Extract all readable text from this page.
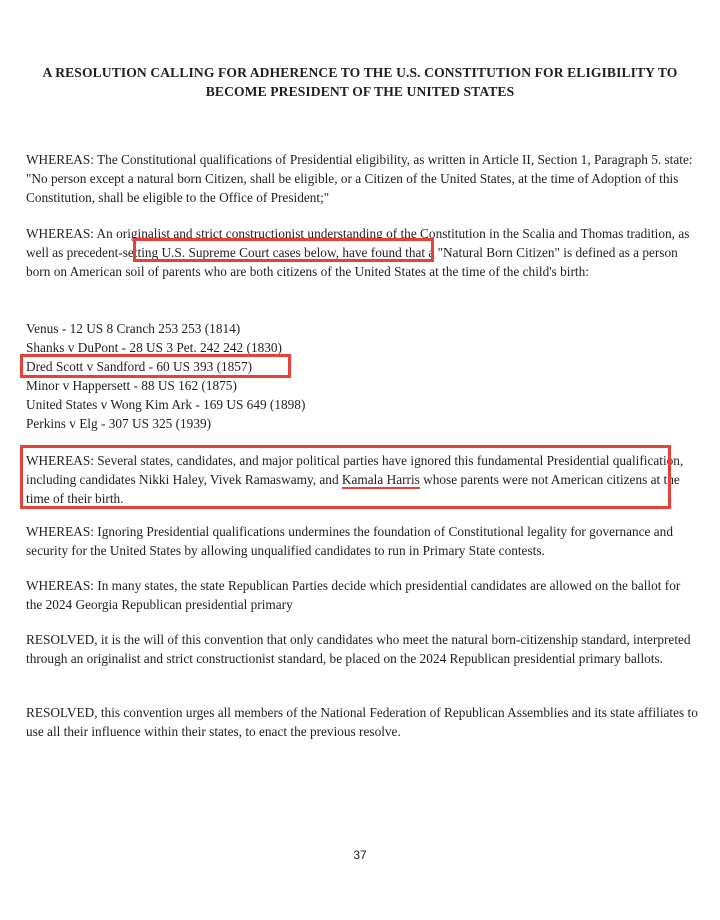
A RESOLUTION CALLING FOR ADHERENCE TO THE U.S. CONSTITUTION FOR ELIGIBILITY TO BECOME PRESIDENT OF THE UNITED STATES
WHEREAS: The Constitutional qualifications of Presidential eligibility, as written in Article II, Section 1, Paragraph 5. state: "No person except a natural born Citizen, shall be eligible, or a Citizen of the United States, at the time of Adoption of this Constitution, shall be eligible to the Office of President;"
WHEREAS: An originalist and strict constructionist understanding of the Constitution in the Scalia and Thomas tradition, as well as precedent-setting U.S. Supreme Court cases below, have found that a "Natural Born Citizen" is defined as a person born on American soil of parents who are both citizens of the United States at the time of the child's birth:
Venus - 12 US 8 Cranch 253 253 (1814)
Shanks v DuPont - 28 US 3 Pet. 242 242 (1830)
Dred Scott v Sandford - 60 US 393 (1857)
Minor v Happersett - 88 US 162 (1875)
United States v Wong Kim Ark - 169 US 649 (1898)
Perkins v Elg - 307 US 325 (1939)
WHEREAS: Several states, candidates, and major political parties have ignored this fundamental Presidential qualification, including candidates Nikki Haley, Vivek Ramaswamy, and Kamala Harris whose parents were not American citizens at the time of their birth.
WHEREAS: Ignoring Presidential qualifications undermines the foundation of Constitutional legality for governance and security for the United States by allowing unqualified candidates to run in Primary State contests.
WHEREAS: In many states, the state Republican Parties decide which presidential candidates are allowed on the ballot for the 2024 Georgia Republican presidential primary
RESOLVED, it is the will of this convention that only candidates who meet the natural born-citizenship standard, interpreted through an originalist and strict constructionist standard, be placed on the 2024 Republican presidential primary ballots.
RESOLVED, this convention urges all members of the National Federation of Republican Assemblies and its state affiliates to use all their influence within their states, to enact the previous resolve.
37
